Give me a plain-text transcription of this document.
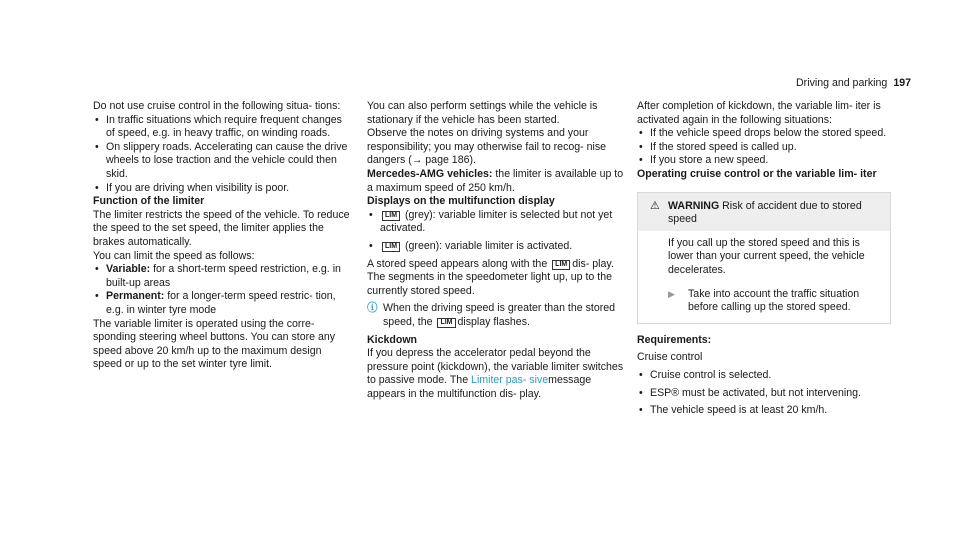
Driving and parking 197

Do not use cruise control in the following situa- tions:

• In traffic situations which require frequent changes of speed, e.g. in heavy traffic, on winding roads.

• On slippery roads. Accelerating can cause the drive wheels to lose traction and the vehicle could then skid.

• If you are driving when visibility is poor.

Function of the limiter

The limiter restricts the speed of the vehicle. To reduce the speed to the set speed, the limiter applies the brakes automatically.

You can limit the speed as follows:

• Variable: for a short-term speed restriction, e.g. in built-up areas

• Permanent: for a longer-term speed restric- tion, e.g. in winter tyre mode

The variable limiter is operated using the corre- sponding steering wheel buttons. You can store any speed above 20 km/h up to the maximum design speed or up to the set winter tyre limit.

You can also perform settings while the vehicle is stationary if the vehicle has been started.

Observe the notes on driving systems and your responsibility; you may otherwise fail to recog- nise dangers (→ page 186).

Mercedes-AMG vehicles: the limiter is available up to a maximum speed of 250 km/h.

Displays on the multifunction display

• LIM (grey): variable limiter is selected but not yet activated.

• LIM (green): variable limiter is activated.

A stored speed appears along with the LIM dis- play. The segments in the speedometer light up, up to the currently stored speed.

ⓘ When the driving speed is greater than the stored speed, the LIM display flashes.

Kickdown

If you depress the accelerator pedal beyond the pressure point (kickdown), the variable limiter switches to passive mode. The Limiter pas- sivemessage appears in the multifunction dis- play.

After completion of kickdown, the variable lim- iter is activated again in the following situations:

• If the vehicle speed drops below the stored speed.

• If the stored speed is called up.

• If you store a new speed.

Operating cruise control or the variable lim- iter

⚠ WARNING Risk of accident due to stored speed

If you call up the stored speed and this is lower than your current speed, the vehicle decelerates.

▶ Take into account the traffic situation before calling up the stored speed.

Requirements:

Cruise control

• Cruise control is selected.

• ESP® must be activated, but not intervening.

• The vehicle speed is at least 20 km/h.
